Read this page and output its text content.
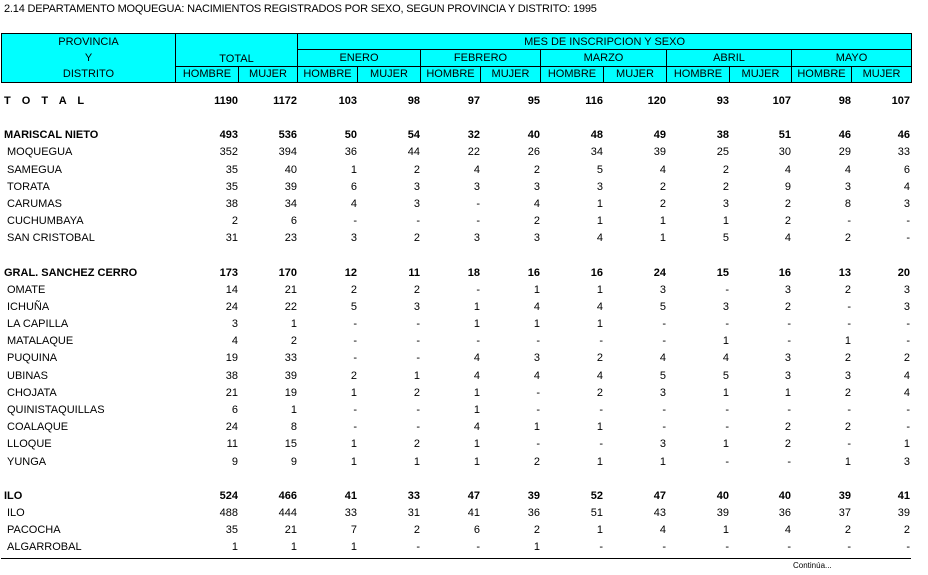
2.14 DEPARTAMENTO MOQUEGUA: NACIMIENTOS REGISTRADOS POR SEXO, SEGUN PROVINCIA Y DISTRITO: 1995
PROVINCIA
Y
DISTRITO	TOTAL		MES DE INSCRIPCION Y SEXO									
			ENERO		FEBRERO		MARZO		ABRIL		MAYO	
	HOMBRE	MUJER	HOMBRE	MUJER	HOMBRE	MUJER	HOMBRE	MUJER	HOMBRE	MUJER	HOMBRE	MUJER
T O T A L	1190	1172	103	98	97	95	116	120	93	107	98	107
MARISCAL NIETO	493	536	50	54	32	40	48	49	38	51	46	46
MOQUEGUA	352	394	36	44	22	26	34	39	25	30	29	33
SAMEGUA	35	40	1	2	4	2	5	4	2	4	4	6
TORATA	35	39	6	3	3	3	3	2	2	9	3	4
CARUMAS	38	34	4	3	-	4	1	2	3	2	8	3
CUCHUMBAYA	2	6	-	-	-	2	1	1	1	2	-	-
SAN CRISTOBAL	31	23	3	2	3	3	4	1	5	4	2	-
GRAL. SANCHEZ CERRO	173	170	12	11	18	16	16	24	15	16	13	20
OMATE	14	21	2	2	-	1	1	3	-	3	2	3
ICHUÑA	24	22	5	3	1	4	4	5	3	2	-	3
LA CAPILLA	3	1	-	-	1	1	1	-	-	-	-	-
MATALAQUE	4	2	-	-	-	-	-	-	1	-	1	-
PUQUINA	19	33	-	-	4	3	2	4	4	3	2	2
UBINAS	38	39	2	1	4	4	4	5	5	3	3	4
CHOJATA	21	19	1	2	1	-	2	3	1	1	2	4
QUINISTAQUILLAS	6	1	-	-	1	-	-	-	-	-	-	-
COALAQUE	24	8	-	-	4	1	1	-	-	2	2	-
LLOQUE	11	15	1	2	1	-	-	3	1	2	-	1
YUNGA	9	9	1	1	1	2	1	1	-	-	1	3
ILO	524	466	41	33	47	39	52	47	40	40	39	41
ILO	488	444	33	31	41	36	51	43	39	36	37	39
PACOCHA	35	21	7	2	6	2	1	4	1	4	2	2
ALGARROBAL	1	1	1	-	-	1	-	-	-	-	-	-
Continúa...
